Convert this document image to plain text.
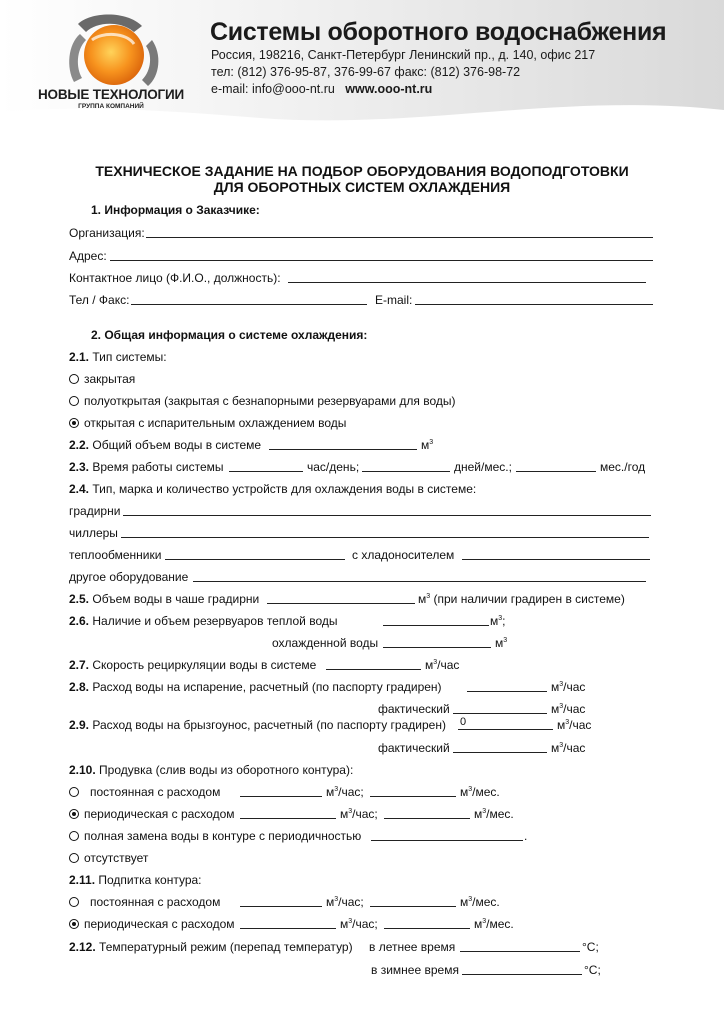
НОВЫЕ ТЕХНОЛОГИИ
ГРУППА КОМПАНИЙ
Системы оборотного водоснабжения
Россия, 198216, Санкт-Петербург Ленинский пр., д. 140, офис 217
тел: (812) 376-95-87, 376-99-67 факс: (812) 376-98-72
e-mail: info@ooo-nt.ru www.ooo-nt.ru
ТЕХНИЧЕСКОЕ ЗАДАНИЕ НА ПОДБОР ОБОРУДОВАНИЯ ВОДОПОДГОТОВКИ
ДЛЯ ОБОРОТНЫХ СИСТЕМ ОХЛАЖДЕНИЯ
1. Информация о Заказчике:
Организация:
Адрес:
Контактное лицо (Ф.И.О., должность):
Тел / Факс:	E-mail:
2. Общая информация о системе охлаждения:
2.1. Тип системы:
закрытая
полуоткрытая (закрытая с безнапорными резервуарами для воды)
открытая с испарительным охлаждением воды
2.2. Общий объем воды в системе	$м^3$
2.3. Время работы системы	час/день;	дней/мес.;	мес./год
2.4. Тип, марка и количество устройств для охлаждения воды в системе:
градирни
чиллеры
теплообменники	с хладоносителем
другое оборудование
2.5. Объем воды в чаше градирни	$м^3$ (при наличии градирен в системе)
2.6. Наличие и объем резервуаров теплой воды	$м^3$;
охлажденной воды	$м^3$
2.7. Скорость рециркуляции воды в системе	$м^3$/час
2.8. Расход воды на испарение, расчетный (по паспорту градирен)	$м^3$/час
фактический	$м^3$/час
2.9. Расход воды на брызгоунос, расчетный (по паспорту градирен) 0	$м^3$/час
фактический	$м^3$/час
2.10. Продувка (слив воды из оборотного контура):
постоянная с расходом	$м^3$/час;	$м^3$/мес.
периодическая с расходом	$м^3$/час;	$м^3$/мес.
полная замена воды в контуре с периодичностью	.
отсутствует
2.11. Подпитка контура:
постоянная с расходом	$м^3$/час;	$м^3$/мес.
периодическая с расходом	$м^3$/час;	$м^3$/мес.
2.12. Температурный режим (перепад температур) в летнее время	°С;
в зимнее время	°С;
